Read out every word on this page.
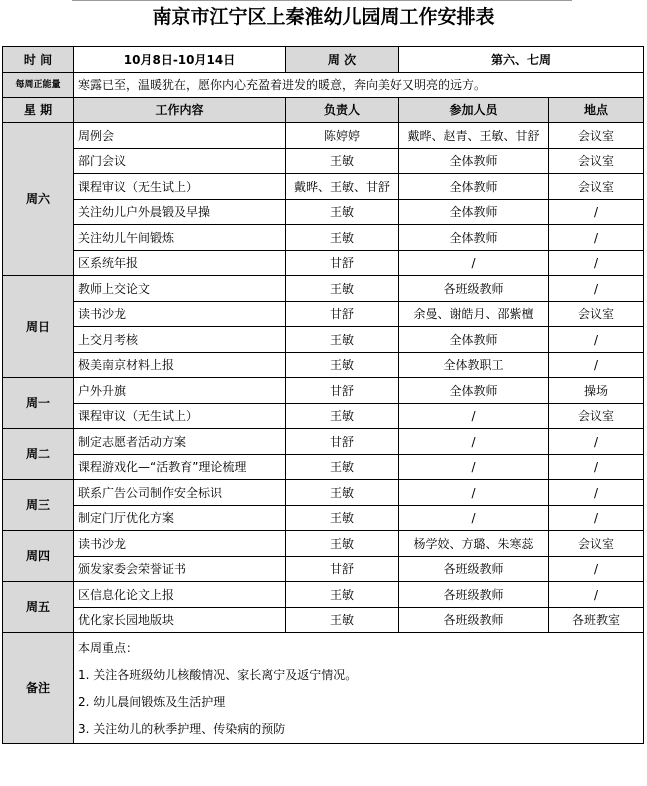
南京市江宁区上秦淮幼儿园周工作安排表
时 间	10月8日-10月14日	周 次	第六、七周	
每周正能量	寒露已至，温暖犹在，愿你内心充盈着进发的暖意，奔向美好又明亮的远方。			
星 期	工作内容	负责人	参加人员	地点
周六	周例会	陈婷婷	戴晔、赵青、王敏、甘舒	会议室
	部门会议	王敏	全体教师	会议室
	课程审议（无生试上）	戴晔、王敏、甘舒	全体教师	会议室
	关注幼儿户外晨锻及早操	王敏	全体教师	/
	关注幼儿午间锻炼	王敏	全体教师	/
	区系统年报	甘舒	/	/
周日	教师上交论文	王敏	各班级教师	/
	读书沙龙	甘舒	余曼、谢皓月、邵紫檀	会议室
	上交月考核	王敏	全体教师	/
	极美南京材料上报	王敏	全体教职工	/
周一	户外升旗	甘舒	全体教师	操场
	课程审议（无生试上）	王敏	/	会议室
周二	制定志愿者活动方案	甘舒	/	/
	课程游戏化—“活教育”理论梳理	王敏	/	/
周三	联系广告公司制作安全标识	王敏	/	/
	制定门厅优化方案	王敏	/	/
周四	读书沙龙	王敏	杨学姣、方璐、朱寒蕊	会议室
	颁发家委会荣誉证书	甘舒	各班级教师	/
周五	区信息化论文上报	王敏	各班级教师	/
	优化家长园地版块	王敏	各班级教师	各班教室
备注	本周重点：
1. 关注各班级幼儿核酸情况、家长离宁及返宁情况。
2. 幼儿晨间锻炼及生活护理
3. 关注幼儿的秋季护理、传染病的预防			
